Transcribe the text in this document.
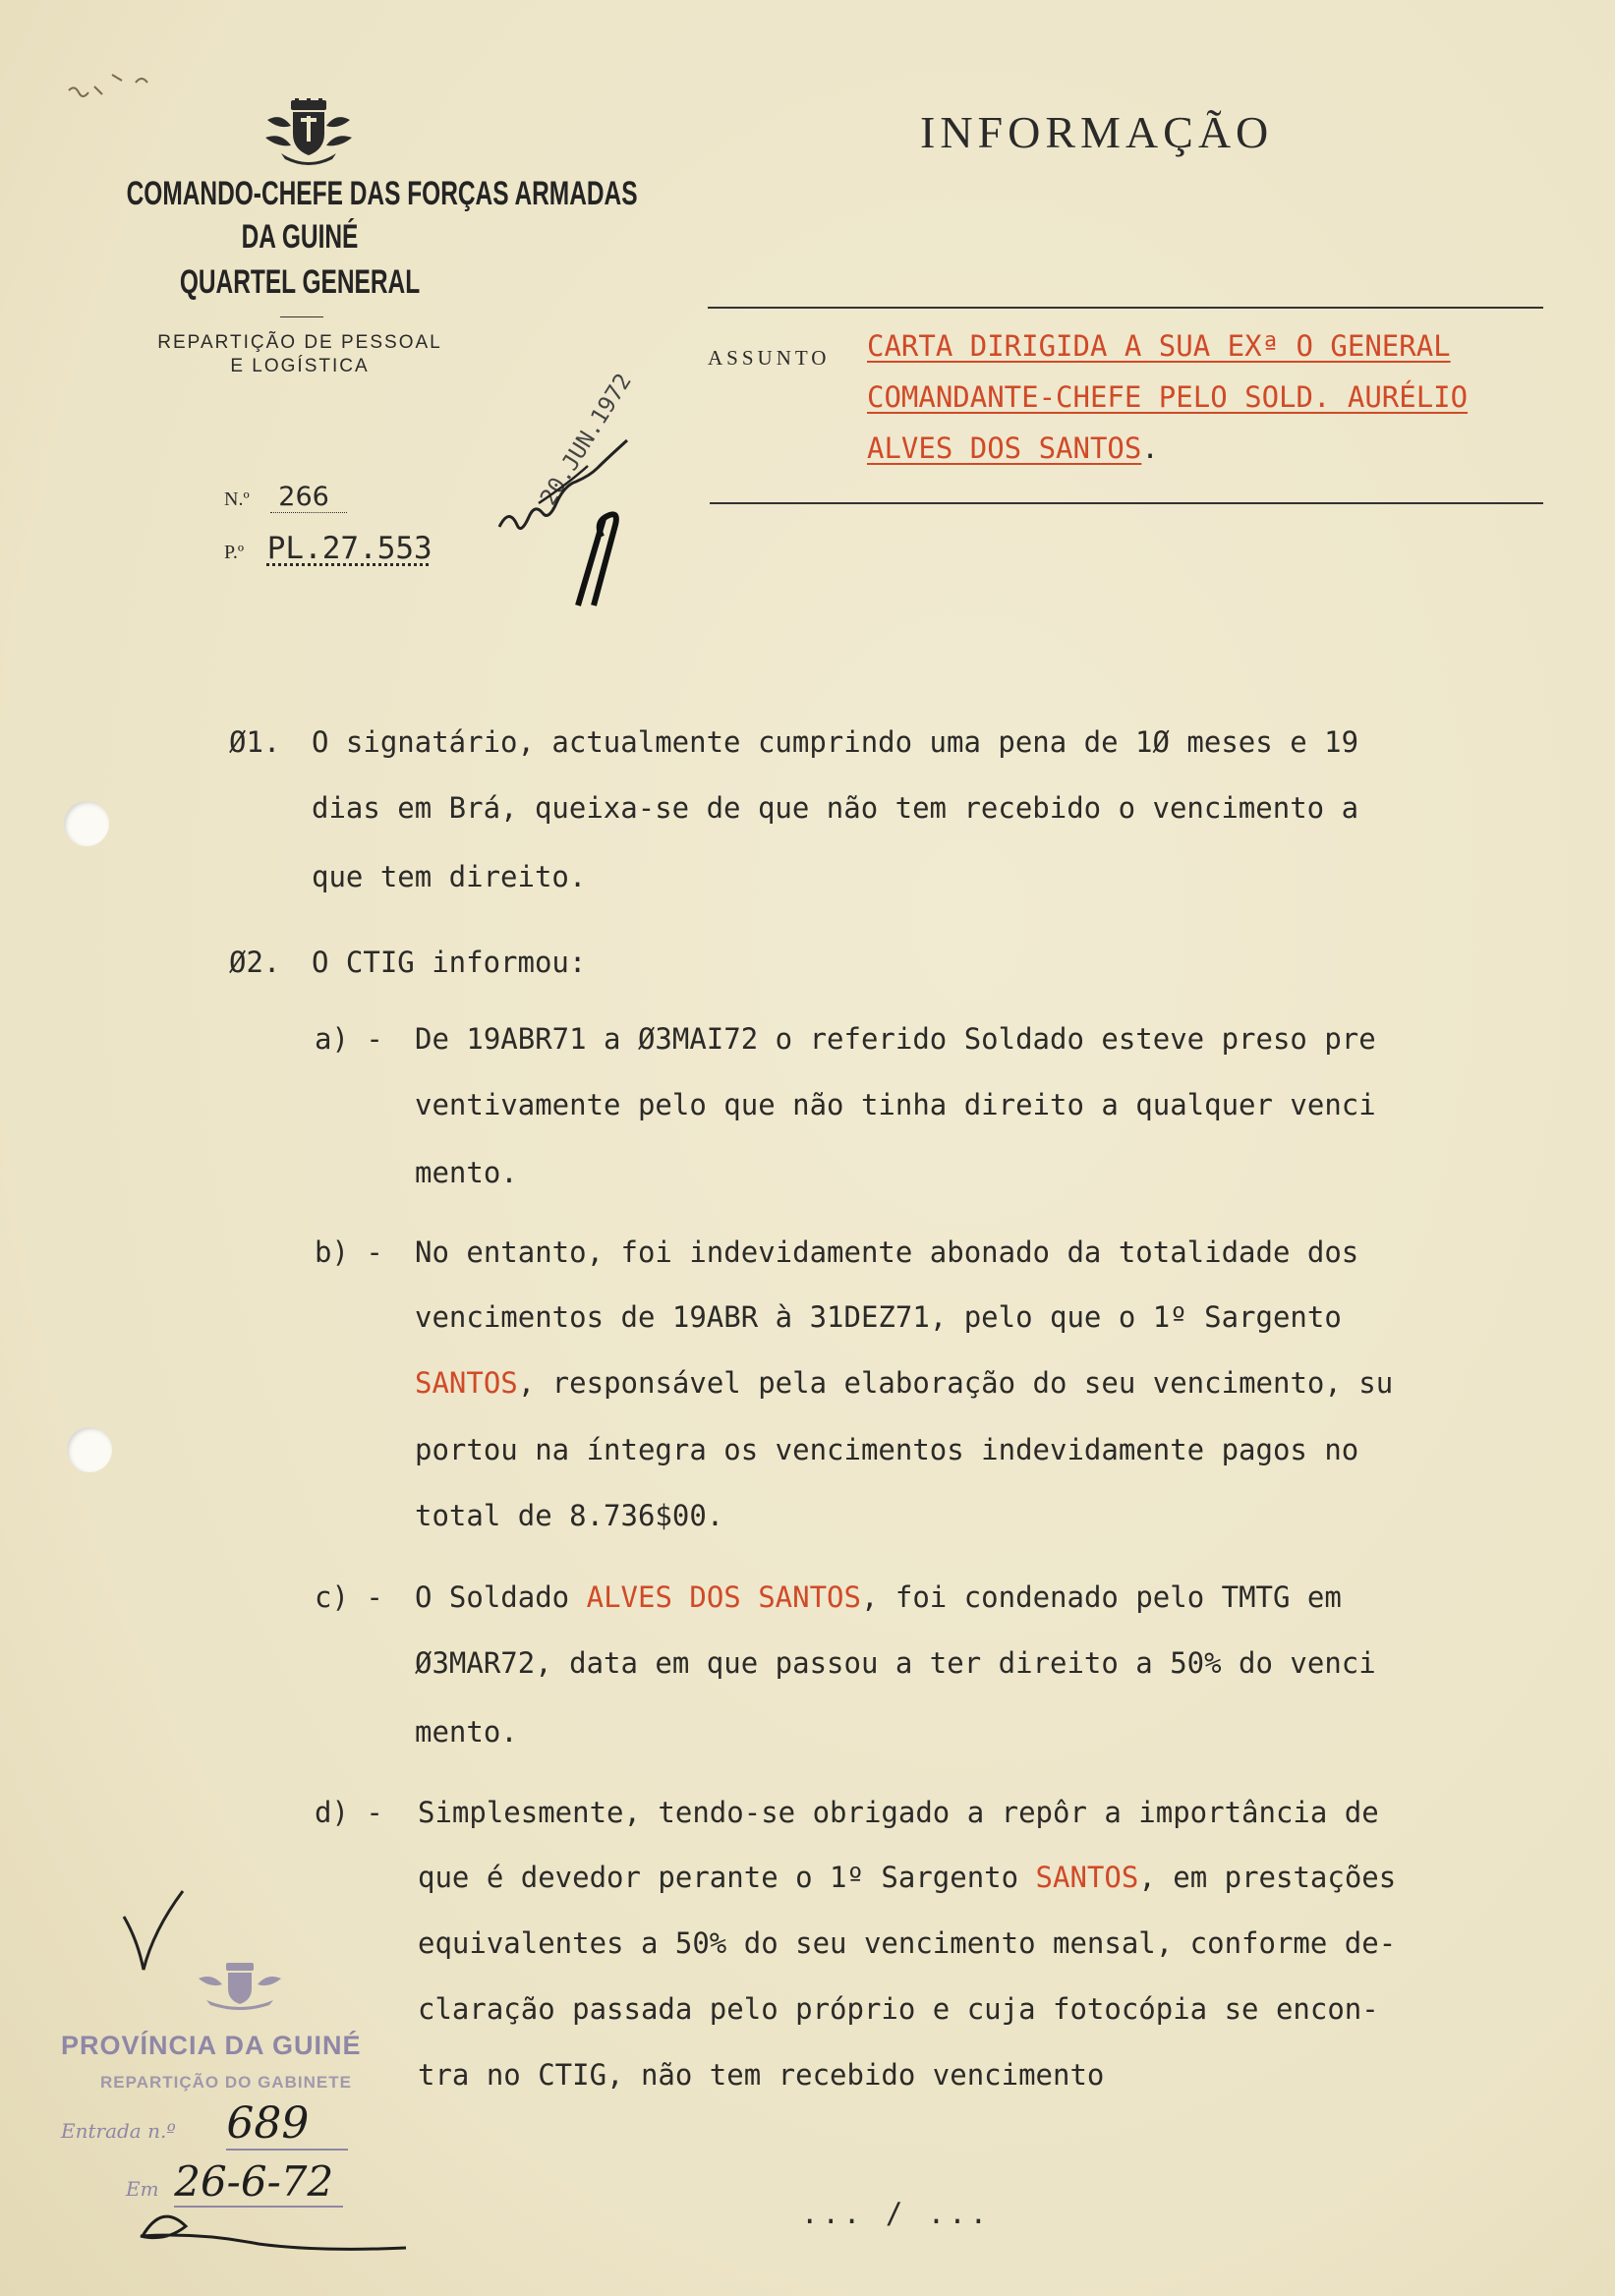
COMANDO-CHEFE DAS FORÇAS ARMADAS
DA GUINÉ
QUARTEL GENERAL
REPARTIÇÃO DE PESSOAL
E LOGÍSTICA
N.º 266
P.º PL.27.553
20.JUN.1972
INFORMAÇÃO
ASSUNTO CARTA DIRIGIDA A SUA EXª O GENERAL
COMANDANTE-CHEFE PELO SOLD. AURÉLIO
ALVES DOS SANTOS.
Ø1. O signatário, actualmente cumprindo uma pena de 1Ø meses e 19
dias em Brá, queixa-se de que não tem recebido o vencimento a
que tem direito.
Ø2. O CTIG informou:
a) - De 19ABR71 a Ø3MAI72 o referido Soldado esteve preso pre
ventivamente pelo que não tinha direito a qualquer venci
mento.
b) - No entanto, foi indevidamente abonado da totalidade dos
vencimentos de 19ABR à 31DEZ71, pelo que o 1º Sargento
SANTOS, responsável pela elaboração do seu vencimento, su
portou na íntegra os vencimentos indevidamente pagos no
total de 8.736$00.
c) - O Soldado ALVES DOS SANTOS, foi condenado pelo TMTG em
Ø3MAR72, data em que passou a ter direito a 50% do venci
mento.
d) - Simplesmente, tendo-se obrigado a repôr a importância de
que é devedor perante o 1º Sargento SANTOS, em prestações
equivalentes a 50% do seu vencimento mensal, conforme de-
claração passada pelo próprio e cuja fotocópia se encon-
tra no CTIG, não tem recebido vencimento
... / ...
PROVÍNCIA DA GUINÉ
REPARTIÇÃO DO GABINETE
Entrada n.º 689
Em 26-6-72
